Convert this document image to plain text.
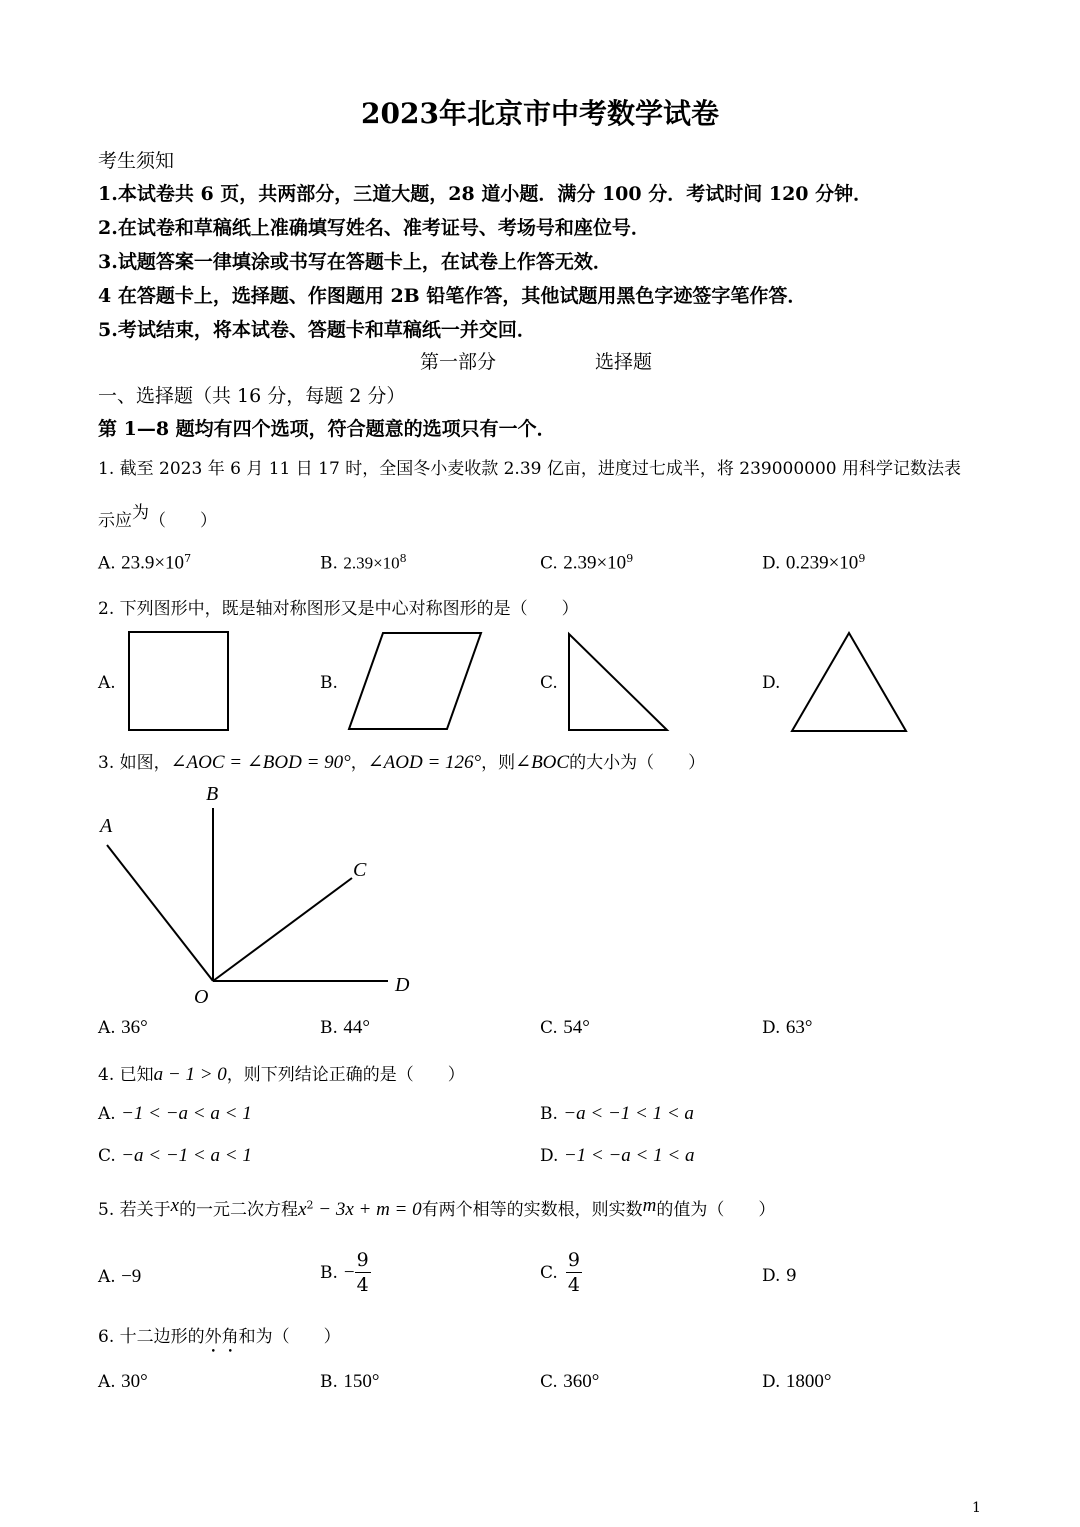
2023年北京市中考数学试卷
考生须知
1.本试卷共 6 页，共两部分，三道大题，28 道小题．满分 100 分．考试时间 120 分钟．
2.在试卷和草稿纸上准确填写姓名、准考证号、考场号和座位号．
3.试题答案一律填涂或书写在答题卡上，在试卷上作答无效．
4 在答题卡上，选择题、作图题用 2B 铅笔作答，其他试题用黑色字迹签字笔作答．
5.考试结束，将本试卷、答题卡和草稿纸一并交回．
第一部分	选择题
一、选择题（共 16 分，每题 2 分）
第 1—8 题均有四个选项，符合题意的选项只有一个．
1. 截至 2023 年 6 月 11 日 17 时，全国冬小麦收款 2.39 亿亩，进度过七成半，将 239000000 用科学记数法表
示应为（　　）
A. $23.9\times 10^7$	B. $2.39\times 10^8$	C. $2.39\times 10^9$	D. $0.239\times 10^9$
2. 下列图形中，既是轴对称图形又是中心对称图形的是（　　）
A.	B.	C.	D.
3. 如图，∠AOC = ∠BOD = 90°，∠AOD = 126°，则∠BOC的大小为（　　）
A
B
C
D
O
A. 36°	B. 44°	C. 54°	D. 63°
4. 已知a − 1 > 0，则下列结论正确的是（　　）
A. −1 < −a < a < 1	B. −a < −1 < 1 < a
C. −a < −1 < a < 1	D. −1 < −a < 1 < a
5. 若关于x的一元二次方程$x^2 - 3x + m = 0$有两个相等的实数根，则实数m的值为（　　）
A. −9	B. − $\frac{9}{4}$	C. $\frac{9}{4}$	D. 9
6. 十二边形的外角和为（　　）
A. 30°	B. 150°	C. 360°	D. 1800°
1
